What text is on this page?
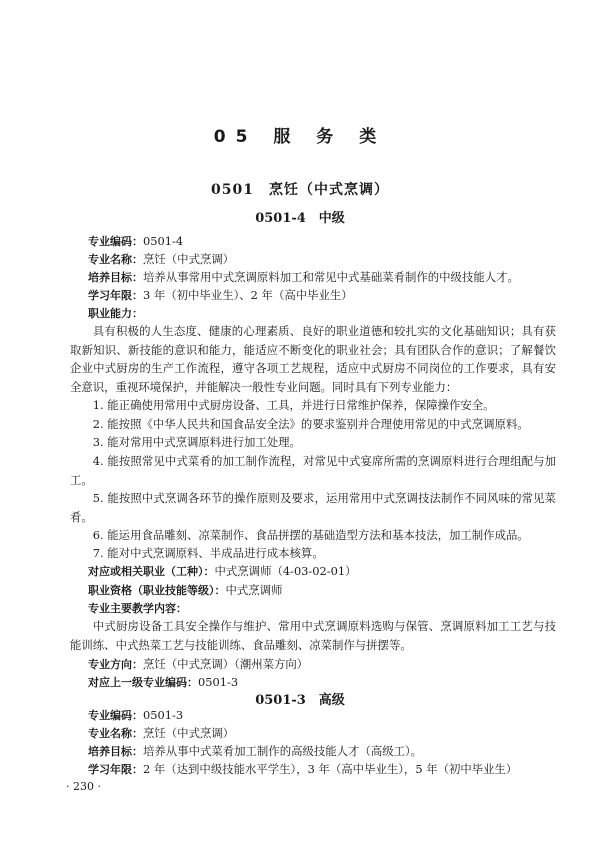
05 服 务 类
0501　烹饪（中式烹调）
0501-4　中级
专业编码：0501-4
专业名称：烹饪（中式烹调）
培养目标：培养从事常用中式烹调原料加工和常见中式基础菜肴制作的中级技能人才。
学习年限：3 年（初中毕业生）、2 年（高中毕业生）
职业能力：
具有积极的人生态度、健康的心理素质、良好的职业道德和较扎实的文化基础知识；具有获取新知识、新技能的意识和能力，能适应不断变化的职业社会；具有团队合作的意识；了解餐饮企业中式厨房的生产工作流程，遵守各项工艺规程，适应中式厨房不同岗位的工作要求，具有安全意识，重视环境保护，并能解决一般性专业问题。同时具有下列专业能力：
1. 能正确使用常用中式厨房设备、工具，并进行日常维护保养，保障操作安全。
2. 能按照《中华人民共和国食品安全法》的要求鉴别并合理使用常见的中式烹调原料。
3. 能对常用中式烹调原料进行加工处理。
4. 能按照常见中式菜肴的加工制作流程，对常见中式宴席所需的烹调原料进行合理组配与加工。
5. 能按照中式烹调各环节的操作原则及要求，运用常用中式烹调技法制作不同风味的常见菜肴。
6. 能运用食品雕刻、凉菜制作、食品拼摆的基础造型方法和基本技法，加工制作成品。
7. 能对中式烹调原料、半成品进行成本核算。
对应或相关职业（工种）：中式烹调师（4-03-02-01）
职业资格（职业技能等级）：中式烹调师
专业主要教学内容：
中式厨房设备工具安全操作与维护、常用中式烹调原料选购与保管、烹调原料加工工艺与技能训练、中式热菜工艺与技能训练、食品雕刻、凉菜制作与拼摆等。
专业方向：烹饪（中式烹调）（潮州菜方向）
对应上一级专业编码：0501-3
0501-3　高级
专业编码：0501-3
专业名称：烹饪（中式烹调）
培养目标：培养从事中式菜肴加工制作的高级技能人才（高级工）。
学习年限：2 年（达到中级技能水平学生），3 年（高中毕业生），5 年（初中毕业生）
· 230 ·
